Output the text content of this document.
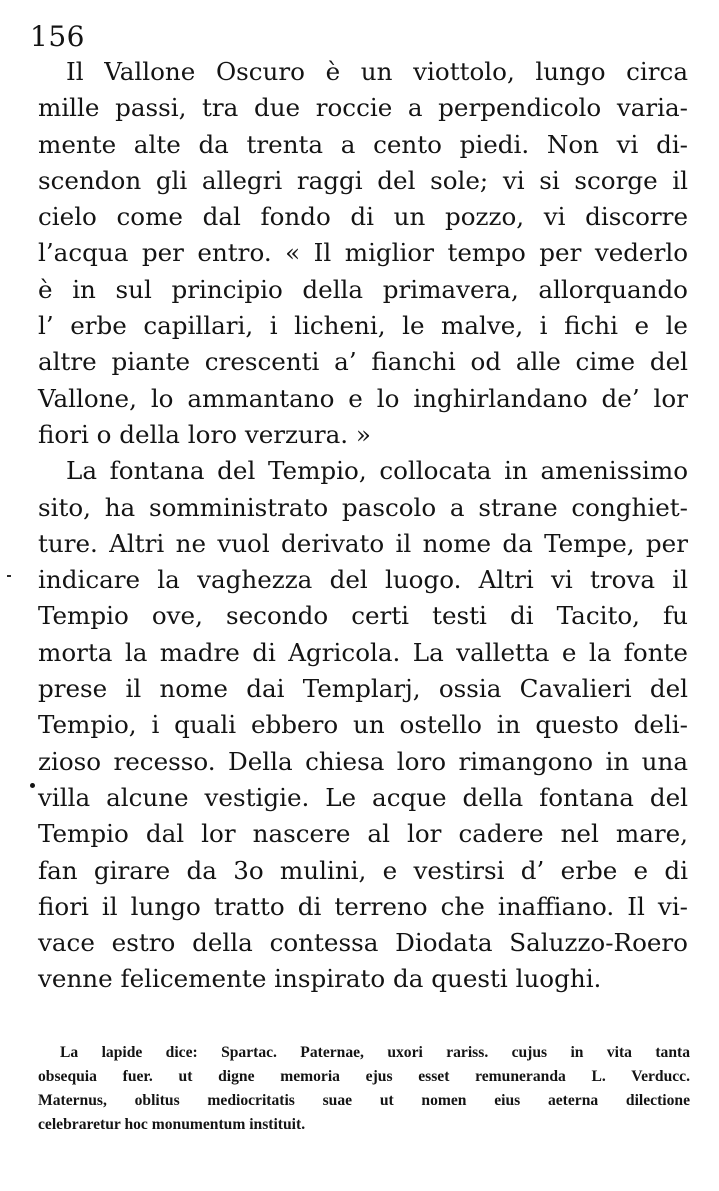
156
Il Vallone Oscuro è un viottolo, lungo circa
mille passi, tra due roccie a perpendicolo varia-
mente alte da trenta a cento piedi. Non vi di-
scendon gli allegri raggi del sole; vi si scorge il
cielo come dal fondo di un pozzo, vi discorre
l’acqua per entro. « Il miglior tempo per vederlo
è in sul principio della primavera, allorquando
l’ erbe capillari, i licheni, le malve, i fichi e le
altre piante crescenti a’ fianchi od alle cime del
Vallone, lo ammantano e lo inghirlandano de’ lor
fiori o della loro verzura. »
La fontana del Tempio, collocata in amenissimo
sito, ha somministrato pascolo a strane conghiet-
ture. Altri ne vuol derivato il nome da Tempe, per
indicare la vaghezza del luogo. Altri vi trova il
Tempio ove, secondo certi testi di Tacito, fu
morta la madre di Agricola. La valletta e la fonte
prese il nome dai Templarj, ossia Cavalieri del
Tempio, i quali ebbero un ostello in questo deli-
zioso recesso. Della chiesa loro rimangono in una
villa alcune vestigie. Le acque della fontana del
Tempio dal lor nascere al lor cadere nel mare,
fan girare da 3o mulini, e vestirsi d’ erbe e di
fiori il lungo tratto di terreno che inaffiano. Il vi-
vace estro della contessa Diodata Saluzzo-Roero
venne felicemente inspirato da questi luoghi.
La lapide dice: Spartac. Paternae, uxori rariss. cujus in vita tanta
obsequia fuer. ut digne memoria ejus esset remuneranda L. Verducc.
Maternus, oblitus mediocritatis suae ut nomen eius aeterna dilectione
celebraretur hoc monumentum instituit.
